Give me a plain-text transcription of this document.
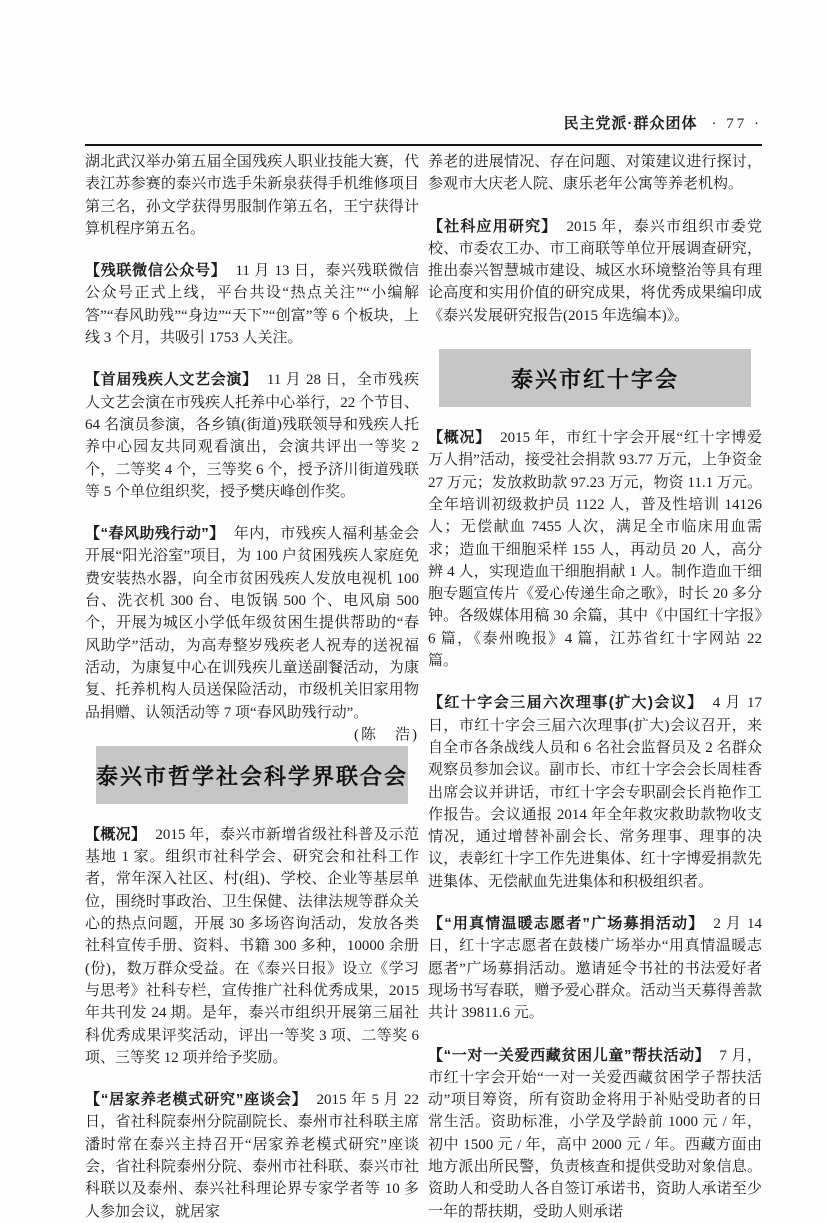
民主党派·群众团体 · 77 ·

湖北武汉举办第五届全国残疾人职业技能大赛，代表江苏参赛的泰兴市选手朱新泉获得手机维修项目第三名，孙文学获得男服制作第五名，王宁获得计算机程序第五名。

【残联微信公众号】 11 月 13 日，泰兴残联微信公众号正式上线，平台共设“热点关注”“小编解答”“春风助残”“身边”“天下”“创富”等 6 个板块，上线 3 个月，共吸引 1753 人关注。

【首届残疾人文艺会演】 11 月 28 日，全市残疾人文艺会演在市残疾人托养中心举行，22 个节目、64 名演员参演，各乡镇(街道)残联领导和残疾人托养中心园友共同观看演出，会演共评出一等奖 2 个，二等奖 4 个，三等奖 6 个，授予济川街道残联等 5 个单位组织奖，授予樊庆峰创作奖。

【“春风助残行动”】 年内，市残疾人福利基金会开展“阳光浴室”项目，为 100 户贫困残疾人家庭免费安装热水器，向全市贫困残疾人发放电视机 100 台、洗衣机 300 台、电饭锅 500 个、电风扇 500 个，开展为城区小学低年级贫困生提供帮助的“春风助学”活动，为高寿整岁残疾老人祝寿的送祝福活动，为康复中心在训残疾儿童送副餐活动，为康复、托养机构人员送保险活动，市级机关旧家用物品捐赠、认领活动等 7 项“春风助残行动”。
(陈　浩)

泰兴市哲学社会科学界联合会

【概况】 2015 年，泰兴市新增省级社科普及示范基地 1 家。组织市社科学会、研究会和社科工作者，常年深入社区、村(组)、学校、企业等基层单位，围绕时事政治、卫生保健、法律法规等群众关心的热点问题，开展 30 多场咨询活动，发放各类社科宣传手册、资料、书籍 300 多种，10000 余册(份)，数万群众受益。在《泰兴日报》设立《学习与思考》社科专栏，宣传推广社科优秀成果，2015 年共刊发 24 期。是年，泰兴市组织开展第三届社科优秀成果评奖活动，评出一等奖 3 项、二等奖 6 项、三等奖 12 项并给予奖励。

【“居家养老模式研究”座谈会】 2015 年 5 月 22 日，省社科院泰州分院副院长、泰州市社科联主席潘时常在泰兴主持召开“居家养老模式研究”座谈会，省社科院泰州分院、泰州市社科联、泰兴市社科联以及泰州、泰兴社科理论界专家学者等 10 多人参加会议，就居家

养老的进展情况、存在问题、对策建议进行探讨，参观市大庆老人院、康乐老年公寓等养老机构。

【社科应用研究】 2015 年，泰兴市组织市委党校、市委农工办、市工商联等单位开展调查研究，推出泰兴智慧城市建设、城区水环境整治等具有理论高度和实用价值的研究成果，将优秀成果编印成《泰兴发展研究报告(2015 年选编本)》。

泰兴市红十字会

【概况】 2015 年，市红十字会开展“红十字博爱万人捐”活动，接受社会捐款 93.77 万元，上争资金 27 万元；发放救助款 97.23 万元，物资 11.1 万元。全年培训初级救护员 1122 人，普及性培训 14126 人；无偿献血 7455 人次，满足全市临床用血需求；造血干细胞采样 155 人，再动员 20 人，高分辨 4 人，实现造血干细胞捐献 1 人。制作造血干细胞专题宣传片《爱心传递生命之歌》，时长 20 多分钟。各级媒体用稿 30 余篇，其中《中国红十字报》6 篇，《泰州晚报》4 篇，江苏省红十字网站 22 篇。

【红十字会三届六次理事(扩大)会议】 4 月 17 日，市红十字会三届六次理事(扩大)会议召开，来自全市各条战线人员和 6 名社会监督员及 2 名群众观察员参加会议。副市长、市红十字会会长周桂香出席会议并讲话，市红十字会专职副会长肖艳作工作报告。会议通报 2014 年全年救灾救助款物收支情况，通过增替补副会长、常务理事、理事的决议，表彰红十字工作先进集体、红十字博爱捐款先进集体、无偿献血先进集体和积极组织者。

【“用真情温暖志愿者”广场募捐活动】 2 月 14 日，红十字志愿者在鼓楼广场举办“用真情温暖志愿者”广场募捐活动。邀请延令书社的书法爱好者现场书写春联，赠予爱心群众。活动当天募得善款共计 39811.6 元。

【“一对一关爱西藏贫困儿童”帮扶活动】 7 月，市红十字会开始“一对一关爱西藏贫困学子帮扶活动”项目筹资，所有资助金将用于补贴受助者的日常生活。资助标准，小学及学龄前 1000 元 / 年，初中 1500 元 / 年，高中 2000 元 / 年。西藏方面由地方派出所民警，负责核查和提供受助对象信息。资助人和受助人各自签订承诺书，资助人承诺至少一年的帮扶期，受助人则承诺
